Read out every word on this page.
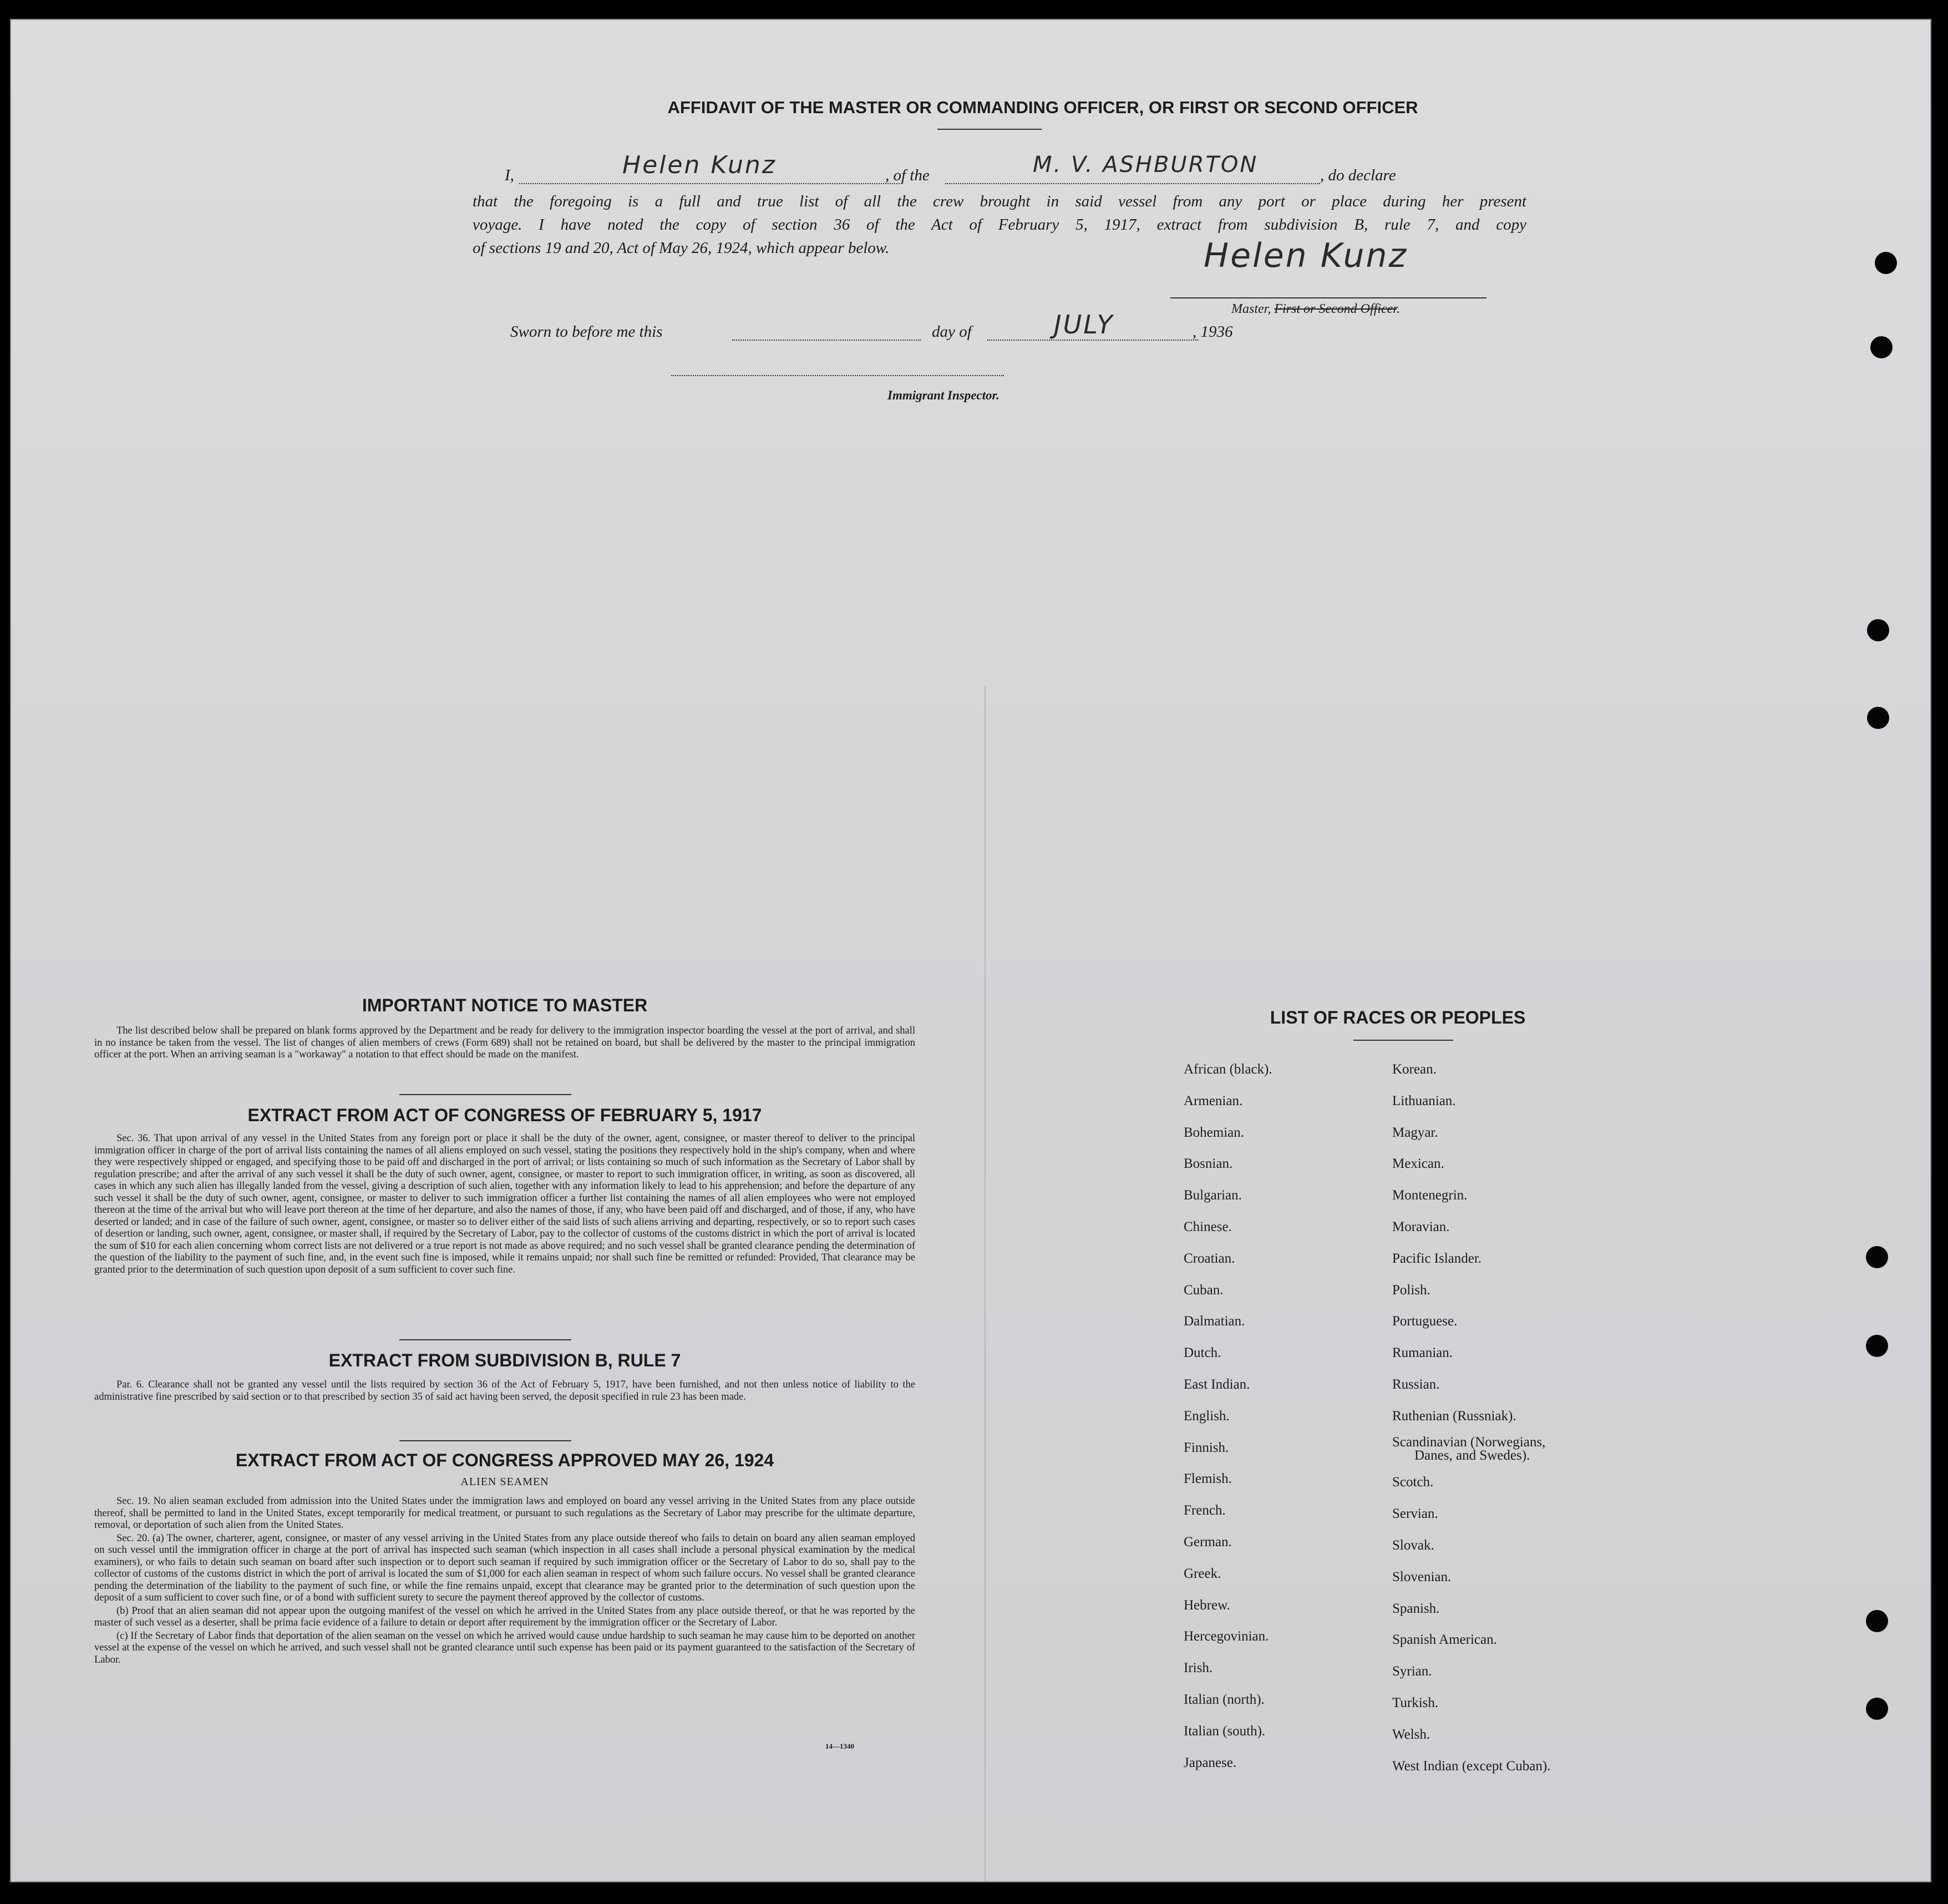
AFFIDAVIT OF THE MASTER OR COMMANDING OFFICER, OR FIRST OR SECOND OFFICER
I,	Helen Kunz	, of the	M. V. ASHBURTON	, do declare
that the foregoing is a full and true list of all the crew brought in said vessel from any port or place during her present
voyage. I have noted the copy of section 36 of the Act of February 5, 1917, extract from subdivision B, rule 7, and copy
of sections 19 and 20, Act of May 26, 1924, which appear below.	Helen Kunz
Master, First or Second Officer.
Sworn to before me this	day of	JULY	, 1936
Immigrant Inspector.
IMPORTANT NOTICE TO MASTER

The list described below shall be prepared on blank forms approved by the Department and be ready for delivery to the immigration inspector boarding the vessel at the port of arrival, and shall in no instance be taken from the vessel. The list of changes of alien members of crews (Form 689) shall not be retained on board, but shall be delivered by the master to the principal immigration officer at the port. When an arriving seaman is a "workaway" a notation to that effect should be made on the manifest.

EXTRACT FROM ACT OF CONGRESS OF FEBRUARY 5, 1917

Sec. 36. That upon arrival of any vessel in the United States from any foreign port or place it shall be the duty of the owner, agent, consignee, or master thereof to deliver to the principal immigration officer in charge of the port of arrival lists containing the names of all aliens employed on such vessel, stating the positions they respectively hold in the ship's company, when and where they were respectively shipped or engaged, and specifying those to be paid off and discharged in the port of arrival; or lists containing so much of such information as the Secretary of Labor shall by regulation prescribe; and after the arrival of any such vessel it shall be the duty of such owner, agent, consignee, or master to report to such immigration officer, in writing, as soon as discovered, all cases in which any such alien has illegally landed from the vessel, giving a description of such alien, together with any information likely to lead to his apprehension; and before the departure of any such vessel it shall be the duty of such owner, agent, consignee, or master to deliver to such immigration officer a further list containing the names of all alien employees who were not employed thereon at the time of the arrival but who will leave port thereon at the time of her departure, and also the names of those, if any, who have been paid off and discharged, and of those, if any, who have deserted or landed; and in case of the failure of such owner, agent, consignee, or master so to deliver either of the said lists of such aliens arriving and departing, respectively, or so to report such cases of desertion or landing, such owner, agent, consignee, or master shall, if required by the Secretary of Labor, pay to the collector of customs of the customs district in which the port of arrival is located the sum of $10 for each alien concerning whom correct lists are not delivered or a true report is not made as above required; and no such vessel shall be granted clearance pending the determination of the question of the liability to the payment of such fine, and, in the event such fine is imposed, while it remains unpaid; nor shall such fine be remitted or refunded: Provided, That clearance may be granted prior to the determination of such question upon deposit of a sum sufficient to cover such fine.

EXTRACT FROM SUBDIVISION B, RULE 7

Par. 6. Clearance shall not be granted any vessel until the lists required by section 36 of the Act of February 5, 1917, have been furnished, and not then unless notice of liability to the administrative fine prescribed by said section or to that prescribed by section 35 of said act having been served, the deposit specified in rule 23 has been made.

EXTRACT FROM ACT OF CONGRESS APPROVED MAY 26, 1924
ALIEN SEAMEN

Sec. 19. No alien seaman excluded from admission into the United States under the immigration laws and employed on board any vessel arriving in the United States from any place outside thereof, shall be permitted to land in the United States, except temporarily for medical treatment, or pursuant to such regulations as the Secretary of Labor may prescribe for the ultimate departure, removal, or deportation of such alien from the United States.

Sec. 20. (a) The owner, charterer, agent, consignee, or master of any vessel arriving in the United States from any place outside thereof who fails to detain on board any alien seaman employed on such vessel until the immigration officer in charge at the port of arrival has inspected such seaman (which inspection in all cases shall include a personal physical examination by the medical examiners), or who fails to detain such seaman on board after such inspection or to deport such seaman if required by such immigration officer or the Secretary of Labor to do so, shall pay to the collector of customs of the customs district in which the port of arrival is located the sum of $1,000 for each alien seaman in respect of whom such failure occurs. No vessel shall be granted clearance pending the determination of the liability to the payment of such fine, or while the fine remains unpaid, except that clearance may be granted prior to the determination of such question upon the deposit of a sum sufficient to cover such fine, or of a bond with sufficient surety to secure the payment thereof approved by the collector of customs.

(b) Proof that an alien seaman did not appear upon the outgoing manifest of the vessel on which he arrived in the United States from any place outside thereof, or that he was reported by the master of such vessel as a deserter, shall be prima facie evidence of a failure to detain or deport after requirement by the immigration officer or the Secretary of Labor.

(c) If the Secretary of Labor finds that deportation of the alien seaman on the vessel on which he arrived would cause undue hardship to such seaman he may cause him to be deported on another vessel at the expense of the vessel on which he arrived, and such vessel shall not be granted clearance until such expense has been paid or its payment guaranteed to the satisfaction of the Secretary of Labor.

14—1340
LIST OF RACES OR PEOPLES
African (black).
Armenian.
Bohemian.
Bosnian.
Bulgarian.
Chinese.
Croatian.
Cuban.
Dalmatian.
Dutch.
East Indian.
English.
Finnish.
Flemish.
French.
German.
Greek.
Hebrew.
Hercegovinian.
Irish.
Italian (north).
Italian (south).
Japanese.
Korean.
Lithuanian.
Magyar.
Mexican.
Montenegrin.
Moravian.
Pacific Islander.
Polish.
Portuguese.
Rumanian.
Russian.
Ruthenian (Russniak).
Scandinavian (Norwegians,
Danes, and Swedes).
Scotch.
Servian.
Slovak.
Slovenian.
Spanish.
Spanish American.
Syrian.
Turkish.
Welsh.
West Indian (except Cuban).
